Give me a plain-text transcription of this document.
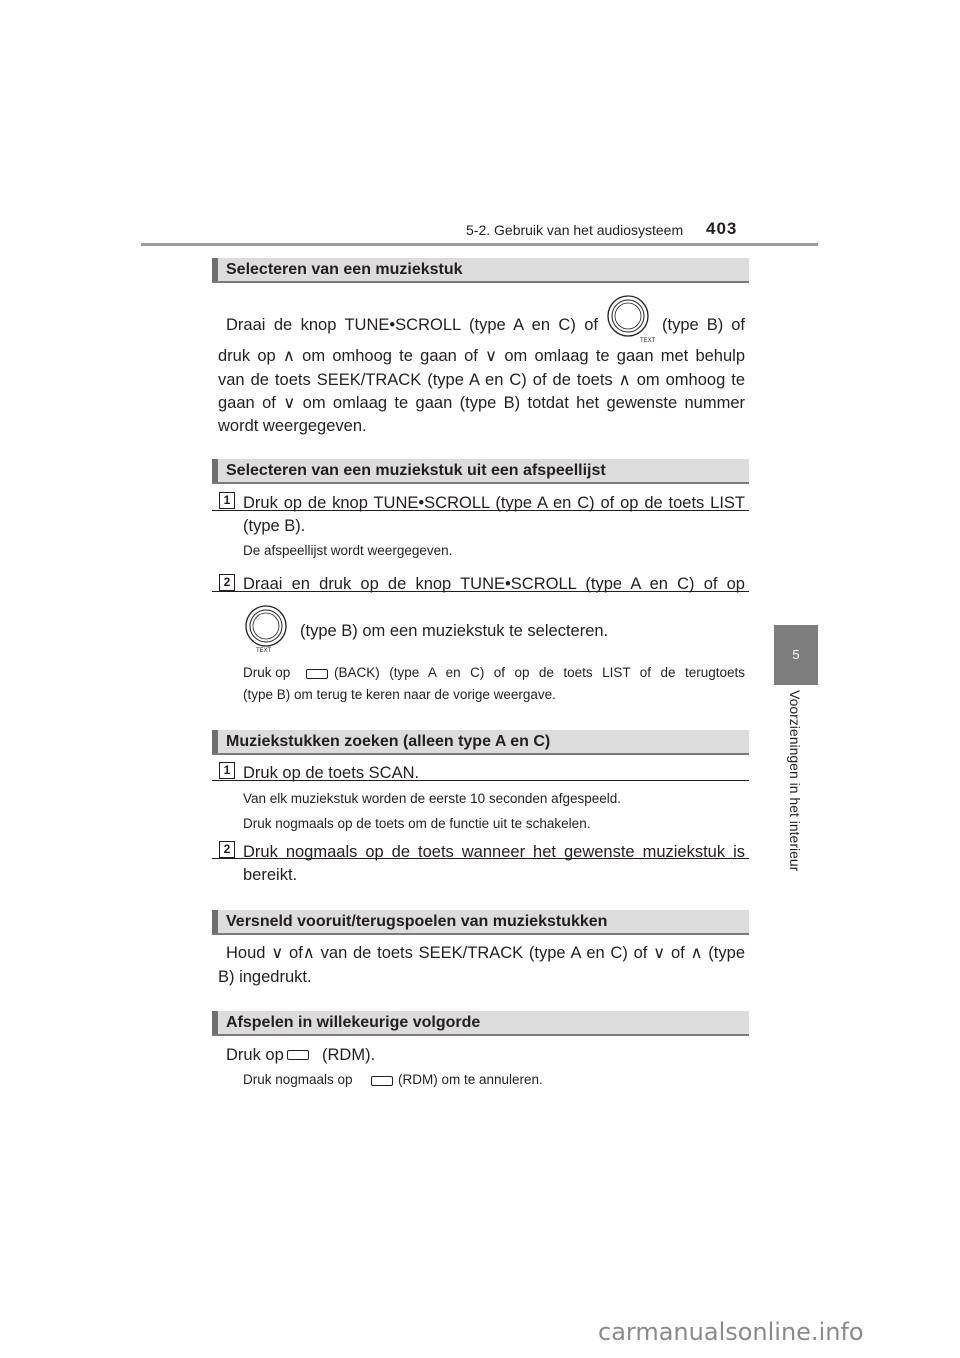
5-2. Gebruik van het audiosysteem 403
5
Voorzieningen in het interieur
Selecteren van een muziekstuk
Draai de knop TUNE•SCROLL (type A en C) of
TEXT
(type B) of
druk op ∧ om omhoog te gaan of ∨ om omlaag te gaan met behulp
van de toets SEEK/TRACK (type A en C) of de toets ∧ om omhoog te
gaan of ∨ om omlaag te gaan (type B) totdat het gewenste nummer
wordt weergegeven.
Selecteren van een muziekstuk uit een afspeellijst
1 Druk op de knop TUNE•SCROLL (type A en C) of op de toets LIST
(type B).
De afspeellijst wordt weergegeven.
2 Draai en druk op de knop TUNE•SCROLL (type A en C) of op
TEXT
(type B) om een muziekstuk te selecteren.
Druk op	(BACK) (type A en C) of op de toets LIST of de terugtoets
(type B) om terug te keren naar de vorige weergave.
Muziekstukken zoeken (alleen type A en C)
1 Druk op de toets SCAN.
Van elk muziekstuk worden de eerste 10 seconden afgespeeld.
Druk nogmaals op de toets om de functie uit te schakelen.
2 Druk nogmaals op de toets wanneer het gewenste muziekstuk is
bereikt.
Versneld vooruit/terugspoelen van muziekstukken
Houd ∨ of∧ van de toets SEEK/TRACK (type A en C) of ∨ of ∧ (type
B) ingedrukt.
Afspelen in willekeurige volgorde
Druk op (RDM).
Druk nogmaals op	(RDM) om te annuleren.
carmanualsonline.info
